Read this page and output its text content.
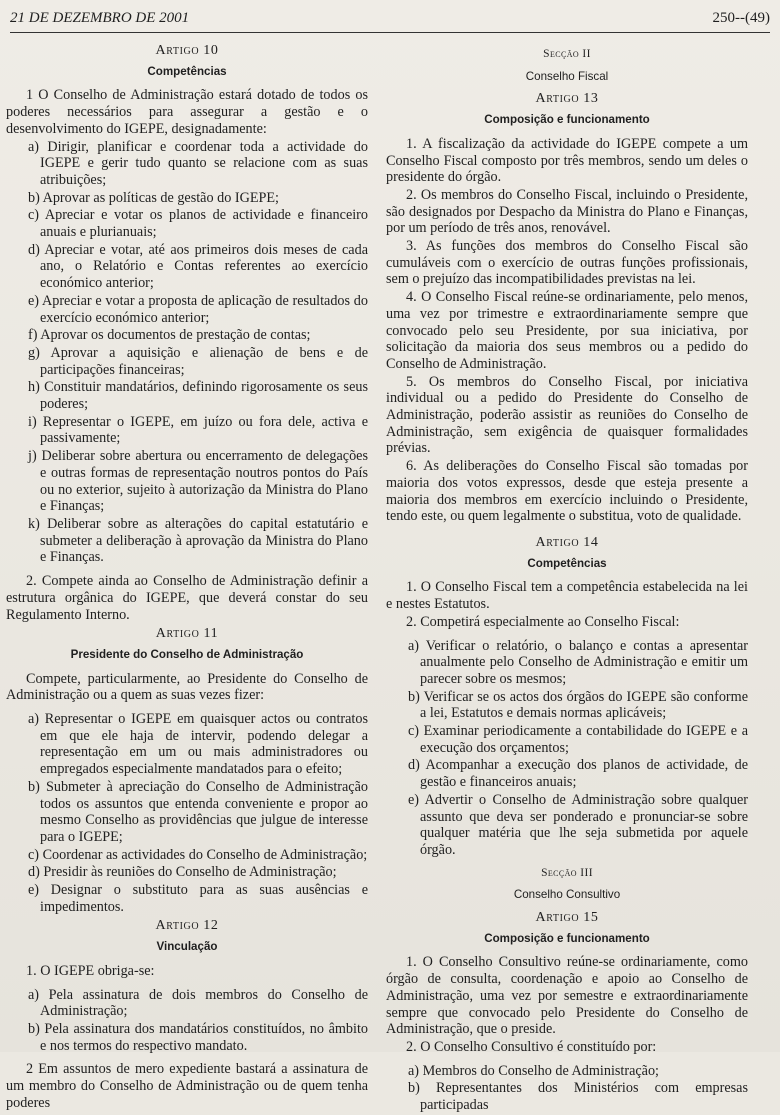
21 DE DEZEMBRO DE 2001	250--(49)
Artigo 10
Competências

1 O Conselho de Administração estará dotado de todos os poderes necessários para assegurar a gestão e o desenvolvimento do IGEPE, designadamente:

a) Dirigir, planificar e coordenar toda a actividade do IGEPE e gerir tudo quanto se relacione com as suas atribuições;
b) Aprovar as políticas de gestão do IGEPE;
c) Apreciar e votar os planos de actividade e financeiro anuais e plurianuais;
d) Apreciar e votar, até aos primeiros dois meses de cada ano, o Relatório e Contas referentes ao exercício económico anterior;
e) Apreciar e votar a proposta de aplicação de resultados do exercício económico anterior;
f) Aprovar os documentos de prestação de contas;
g) Aprovar a aquisição e alienação de bens e de participações financeiras;
h) Constituir mandatários, definindo rigorosamente os seus poderes;
i) Representar o IGEPE, em juízo ou fora dele, activa e passivamente;
j) Deliberar sobre abertura ou encerramento de delegações e outras formas de representação noutros pontos do País ou no exterior, sujeito à autorização da Ministra do Plano e Finanças;
k) Deliberar sobre as alterações do capital estatutário e submeter a deliberação à aprovação da Ministra do Plano e Finanças.

2. Compete ainda ao Conselho de Administração definir a estrutura orgânica do IGEPE, que deverá constar do seu Regulamento Interno.

Artigo 11
Presidente do Conselho de Administração

Compete, particularmente, ao Presidente do Conselho de Administração ou a quem as suas vezes fizer:

a) Representar o IGEPE em quaisquer actos ou contratos em que ele haja de intervir, podendo delegar a representação em um ou mais administradores ou empregados especialmente mandatados para o efeito;
b) Submeter à apreciação do Conselho de Administração todos os assuntos que entenda conveniente e propor ao mesmo Conselho as providências que julgue de interesse para o IGEPE;
c) Coordenar as actividades do Conselho de Administração;
d) Presidir às reuniões do Conselho de Administração;
e) Designar o substituto para as suas ausências e impedimentos.
Artigo 12
Vinculação

1. O IGEPE obriga-se:

a) Pela assinatura de dois membros do Conselho de Administração;
b) Pela assinatura dos mandatários constituídos, no âmbito e nos termos do respectivo mandato.

2 Em assuntos de mero expediente bastará a assinatura de um membro do Conselho de Administração ou de quem tenha poderes

Secção II
Conselho Fiscal
Artigo 13
Composição e funcionamento

1. A fiscalização da actividade do IGEPE compete a um Conselho Fiscal composto por três membros, sendo um deles o presidente do órgão.

2. Os membros do Conselho Fiscal, incluindo o Presidente, são designados por Despacho da Ministra do Plano e Finanças, por um período de três anos, renovável.

3. As funções dos membros do Conselho Fiscal são cumuláveis com o exercício de outras funções profissionais, sem o prejuízo das incompatibilidades previstas na lei.

4. O Conselho Fiscal reúne-se ordinariamente, pelo menos, uma vez por trimestre e extraordinariamente sempre que convocado pelo seu Presidente, por sua iniciativa, por solicitação da maioria dos seus membros ou a pedido do Conselho de Administração.

5. Os membros do Conselho Fiscal, por iniciativa individual ou a pedido do Presidente do Conselho de Administração, poderão assistir as reuniões do Conselho de Administração, sem exigência de quaisquer formalidades prévias.

6. As deliberações do Conselho Fiscal são tomadas por maioria dos votos expressos, desde que esteja presente a maioria dos membros em exercício incluindo o Presidente, tendo este, ou quem legalmente o substitua, voto de qualidade.

Artigo 14
Competências

1. O Conselho Fiscal tem a competência estabelecida na lei e nestes Estatutos.

2. Competirá especialmente ao Conselho Fiscal:

a) Verificar o relatório, o balanço e contas a apresentar anualmente pelo Conselho de Administração e emitir um parecer sobre os mesmos;
b) Verificar se os actos dos órgãos do IGEPE são conforme a lei, Estatutos e demais normas aplicáveis;
c) Examinar periodicamente a contabilidade do IGEPE e a execução dos orçamentos;
d) Acompanhar a execução dos planos de actividade, de gestão e financeiros anuais;
e) Advertir o Conselho de Administração sobre qualquer assunto que deva ser ponderado e pronunciar-se sobre qualquer matéria que lhe seja submetida por aquele órgão.
Secção III
Conselho Consultivo
Artigo 15
Composição e funcionamento

1. O Conselho Consultivo reúne-se ordinariamente, como órgão de consulta, coordenação e apoio ao Conselho de Administração, uma vez por semestre e extraordinariamente sempre que convocado pelo Presidente do Conselho de Administração, que o preside.

2. O Conselho Consultivo é constituído por:

a) Membros do Conselho de Administração;
b) Representantes dos Ministérios com empresas participadas
